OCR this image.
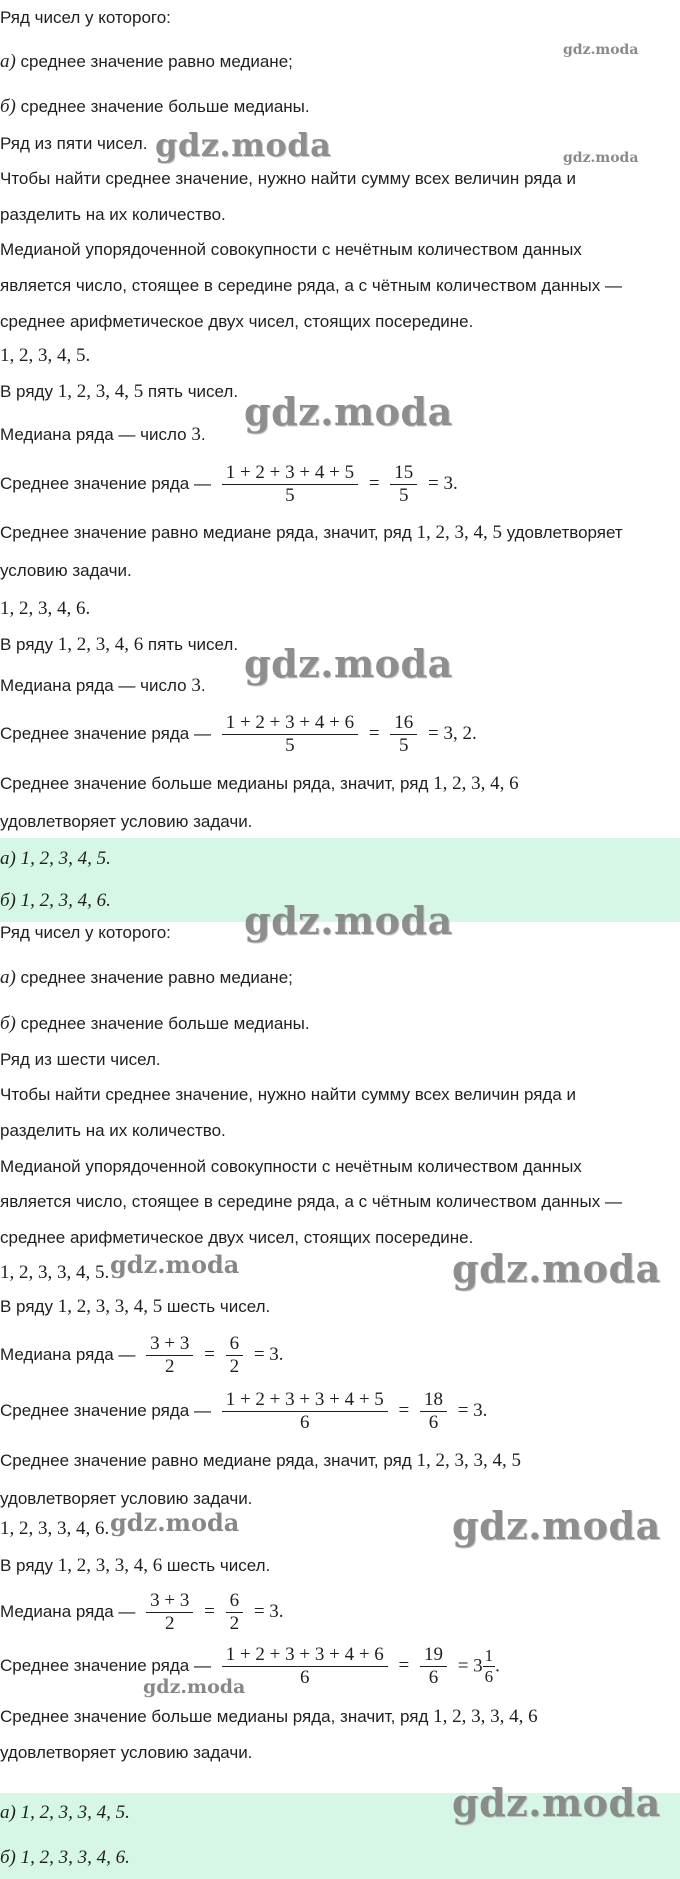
Ряд чисел у которого:
а) среднее значение равно медиане;
б) среднее значение больше медианы.
Ряд из пяти чисел.
Чтобы найти среднее значение, нужно найти сумму всех величин ряда и
разделить на их количество.
Медианой упорядоченной совокупности с нечётным количеством данных
является число, стоящее в середине ряда, а с чётным количеством данных —
среднее арифметическое двух чисел, стоящих посередине.
1, 2, 3, 4, 5.
В ряду 1, 2, 3, 4, 5 пять чисел.
Медиана ряда — число 3.
Среднее значение ряда — $\frac{1 + 2 + 3 + 4 + 5}{5} = \frac{15}{5} = 3$.
Среднее значение равно медиане ряда, значит, ряд 1, 2, 3, 4, 5 удовлетворяет
условию задачи.
1, 2, 3, 4, 6.
В ряду 1, 2, 3, 4, 6 пять чисел.
Медиана ряда — число 3.
Среднее значение ряда — $\frac{1 + 2 + 3 + 4 + 6}{5} = \frac{16}{5} = 3$, 2.
Среднее значение больше медианы ряда, значит, ряд 1, 2, 3, 4, 6
удовлетворяет условию задачи.
а) 1, 2, 3, 4, 5.
б) 1, 2, 3, 4, 6.
Ряд чисел у которого:
а) среднее значение равно медиане;
б) среднее значение больше медианы.
Ряд из шести чисел.
Чтобы найти среднее значение, нужно найти сумму всех величин ряда и
разделить на их количество.
Медианой упорядоченной совокупности с нечётным количеством данных
является число, стоящее в середине ряда, а с чётным количеством данных —
среднее арифметическое двух чисел, стоящих посередине.
1, 2, 3, 3, 4, 5.
В ряду 1, 2, 3, 3, 4, 5 шесть чисел.
Медиана ряда — $\frac{3 + 3}{2} = \frac{6}{2} = 3$.
Среднее значение ряда — $\frac{1 + 2 + 3 + 3 + 4 + 5}{6} = \frac{18}{6} = 3$.
Среднее значение равно медиане ряда, значит, ряд 1, 2, 3, 3, 4, 5
удовлетворяет условию задачи.
1, 2, 3, 3, 4, 6.
В ряду 1, 2, 3, 3, 4, 6 шесть чисел.
Медиана ряда — $\frac{3 + 3}{2} = \frac{6}{2} = 3$.
Среднее значение ряда — $\frac{1 + 2 + 3 + 3 + 4 + 6}{6} = \frac{19}{6} = 3 \frac{1}{6}$ .
Среднее значение больше медианы ряда, значит, ряд 1, 2, 3, 3, 4, 6
удовлетворяет условию задачи.
а) 1, 2, 3, 3, 4, 5.
б) 1, 2, 3, 3, 4, 6.
gdz.moda
gdz.moda	gdz.moda
gdz.moda
gdz.moda
gdz.moda
gdz.moda	gdz.moda
gdz.moda	gdz.moda
gdz.moda
gdz.moda
